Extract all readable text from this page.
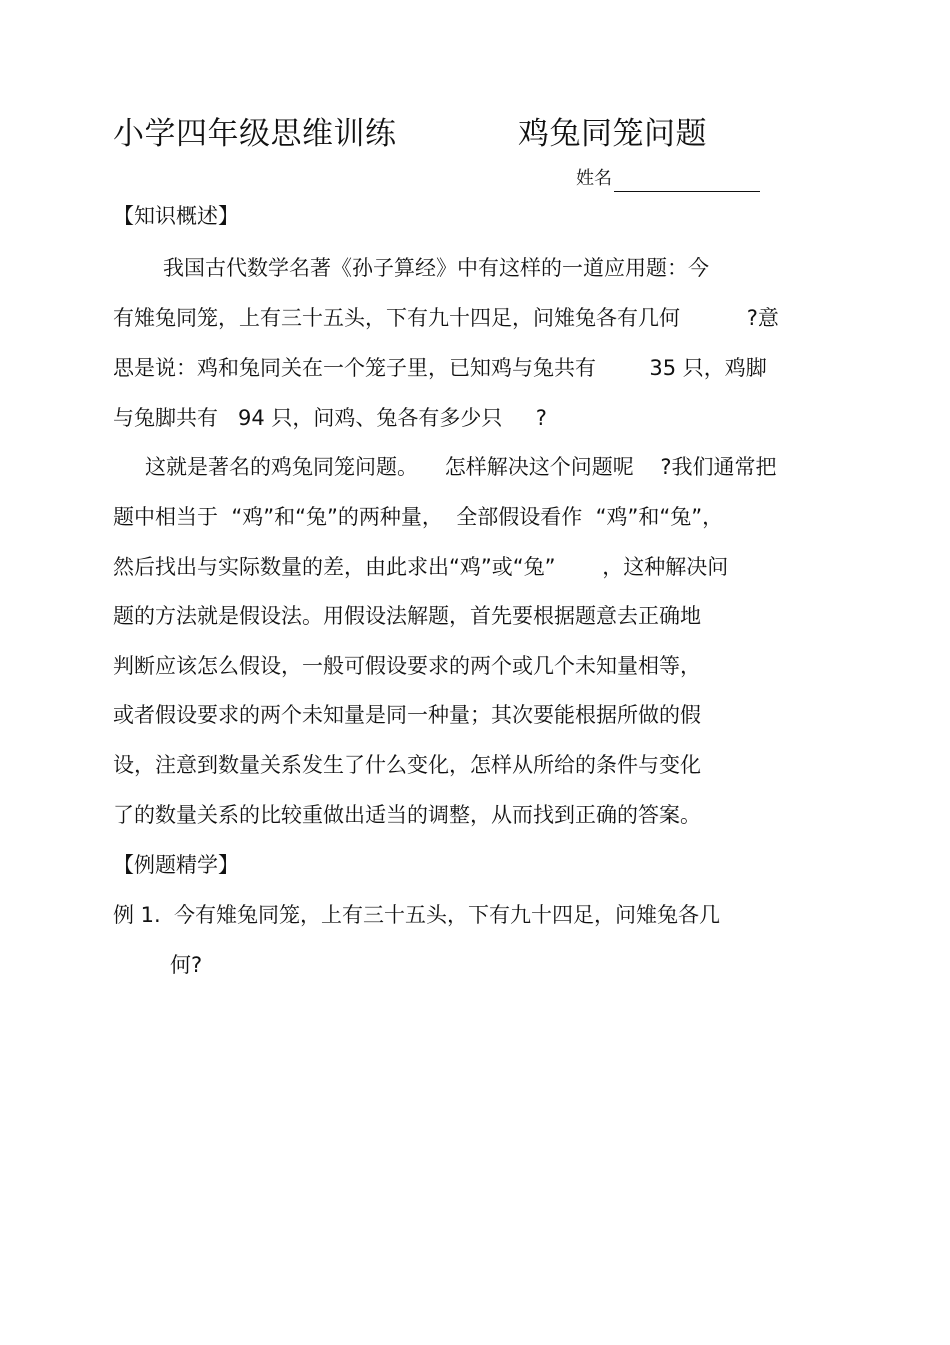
小学四年级思维训练	鸡兔同笼问题
姓名
【知识概述】
我国古代数学名著《孙子算经》中有这样的一道应用题：今
有雉兔同笼，上有三十五头，下有九十四足，问雉兔各有几何          ?意
思是说：鸡和兔同关在一个笼子里，已知鸡与兔共有        35 只，鸡脚
与兔脚共有   94 只，问鸡、兔各有多少只     ?
这就是著名的鸡兔同笼问题。    怎样解决这个问题呢    ?我们通常把
题中相当于  “鸡”和“兔”的两种量，  全部假设看作  “鸡”和“兔”，
然后找出与实际数量的差，由此求出“鸡”或“兔”       ，这种解决问
题的方法就是假设法。用假设法解题，首先要根据题意去正确地
判断应该怎么假设，一般可假设要求的两个或几个未知量相等，
或者假设要求的两个未知量是同一种量；其次要能根据所做的假
设，注意到数量关系发生了什么变化，怎样从所给的条件与变化
了的数量关系的比较重做出适当的调整，从而找到正确的答案。
【例题精学】
例 1.  今有雉兔同笼，上有三十五头，下有九十四足，问雉兔各几
何?
